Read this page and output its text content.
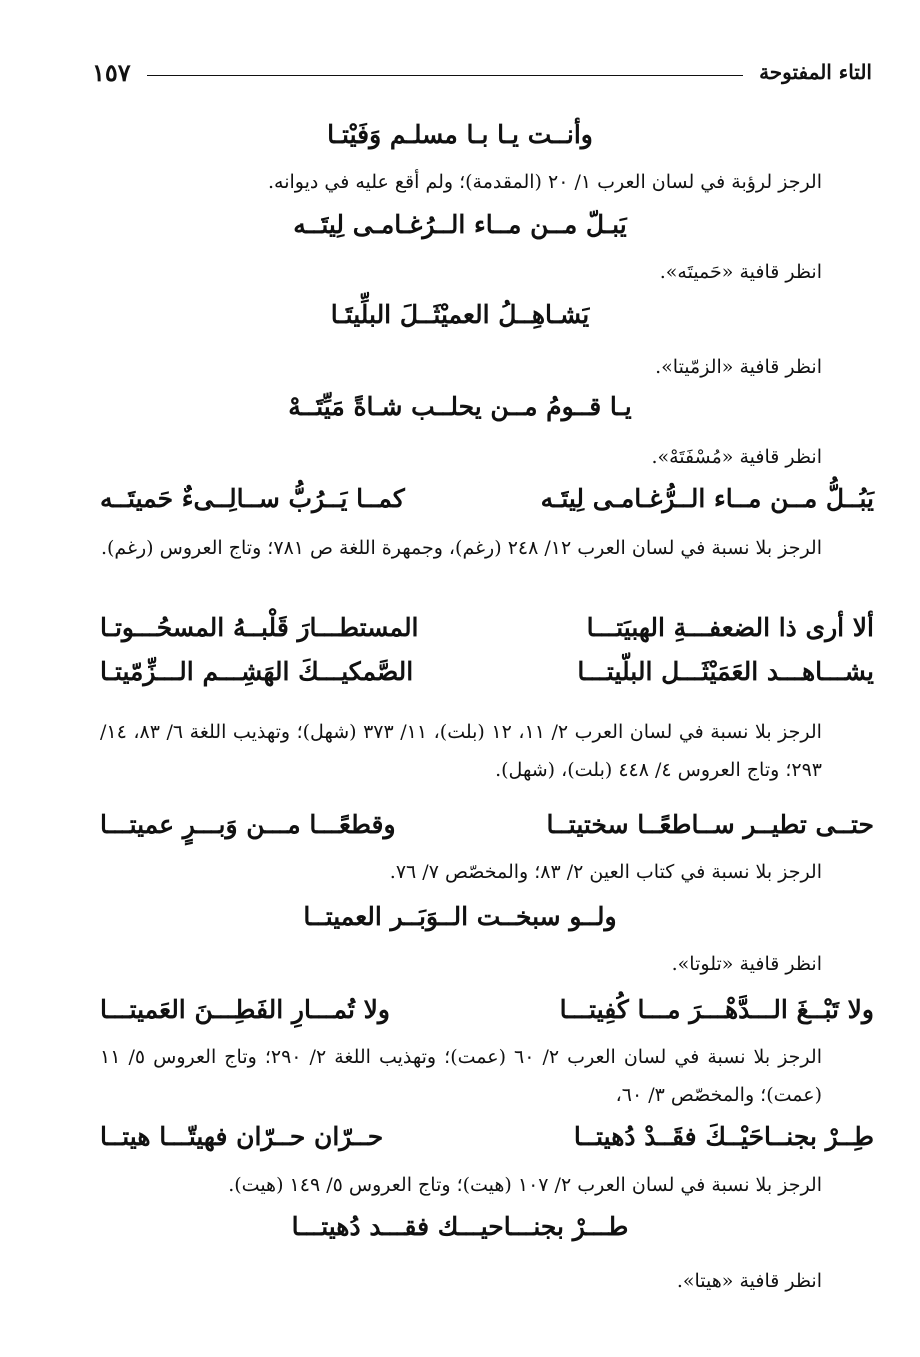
التاء المفتوحة
١٥٧
وأنــت يـا بـا مسلـم وَفَيْتـا
الرجز لرؤبة في لسان العرب ١/ ٢٠ (المقدمة)؛ ولم أقع عليه في ديوانه.
يَبـلّ مــن مــاء الــرُغـامـى لِيتَــه
انظر قافية «حَميتَه».
يَشـاهِــلُ العميْثَــلَ البلِّيتَـا
انظر قافية «الزمّيتا».
يـا قــومُ مــن يحلــب شـاةً مَيِّتَــهْ
انظر قافية «مُسْفَتَهْ».
يَبُــلُّ مــن مــاء الــرُّغـامـى لِيتَـه
كمــا يَــرُبُّ ســالِــىءٌ حَميتَــه
الرجز بلا نسبة في لسان العرب ١٢/ ٢٤٨ (رغم)، وجمهرة اللغة ص ٧٨١؛ وتاج العروس (رغم).
ألا أرى ذا الضعفـــةِ الهبيَتـــا
المستطـــارَ قَلْبــهُ المسحُـــوتـا
يشـــاهـــد العَمَيْثَـــل البلّيتـــا
الصَّمكيـــكَ الهَشِـــم الـــزِّمّيتـا
الرجز بلا نسبة في لسان العرب ٢/ ١١، ١٢ (بلت)، ١١/ ٣٧٣ (شهل)؛ وتهذيب اللغة ٦/ ٨٣، ١٤/ ٢٩٣؛ وتاج العروس ٤/ ٤٤٨ (بلت)، (شهل).
حتــى تطيــر ســاطعًــا سختيتــا
وقطعًـــا مـــن وَبـــرٍ عميتـــا
الرجز بلا نسبة في كتاب العين ٢/ ٨٣؛ والمخصّص ٧/ ٧٦.
ولــو سبخــت الــوَبَــر العميتــا
انظر قافية «تلوتا».
ولا تَبْــغَ الـــدَّهْـــرَ مـــا كُفِيتـــا
ولا تُمـــارِ الفَطِـــنَ العَميتـــا
الرجز بلا نسبة في لسان العرب ٢/ ٦٠ (عمت)؛ وتهذيب اللغة ٢/ ٢٩٠؛ وتاج العروس ٥/ ١١ (عمت)؛ والمخصّص ٣/ ٦٠،
طِــرْ بجنــاحَيْــكَ فقَــدْ دُهيتــا
حــرّان حــرّان فهيتّـــا هيتــا
الرجز بلا نسبة في لسان العرب ٢/ ١٠٧ (هيت)؛ وتاج العروس ٥/ ١٤٩ (هيت).
طـــرْ بجنـــاحيـــك فقـــد دُهيتـــا
انظر قافية «هيتا».
